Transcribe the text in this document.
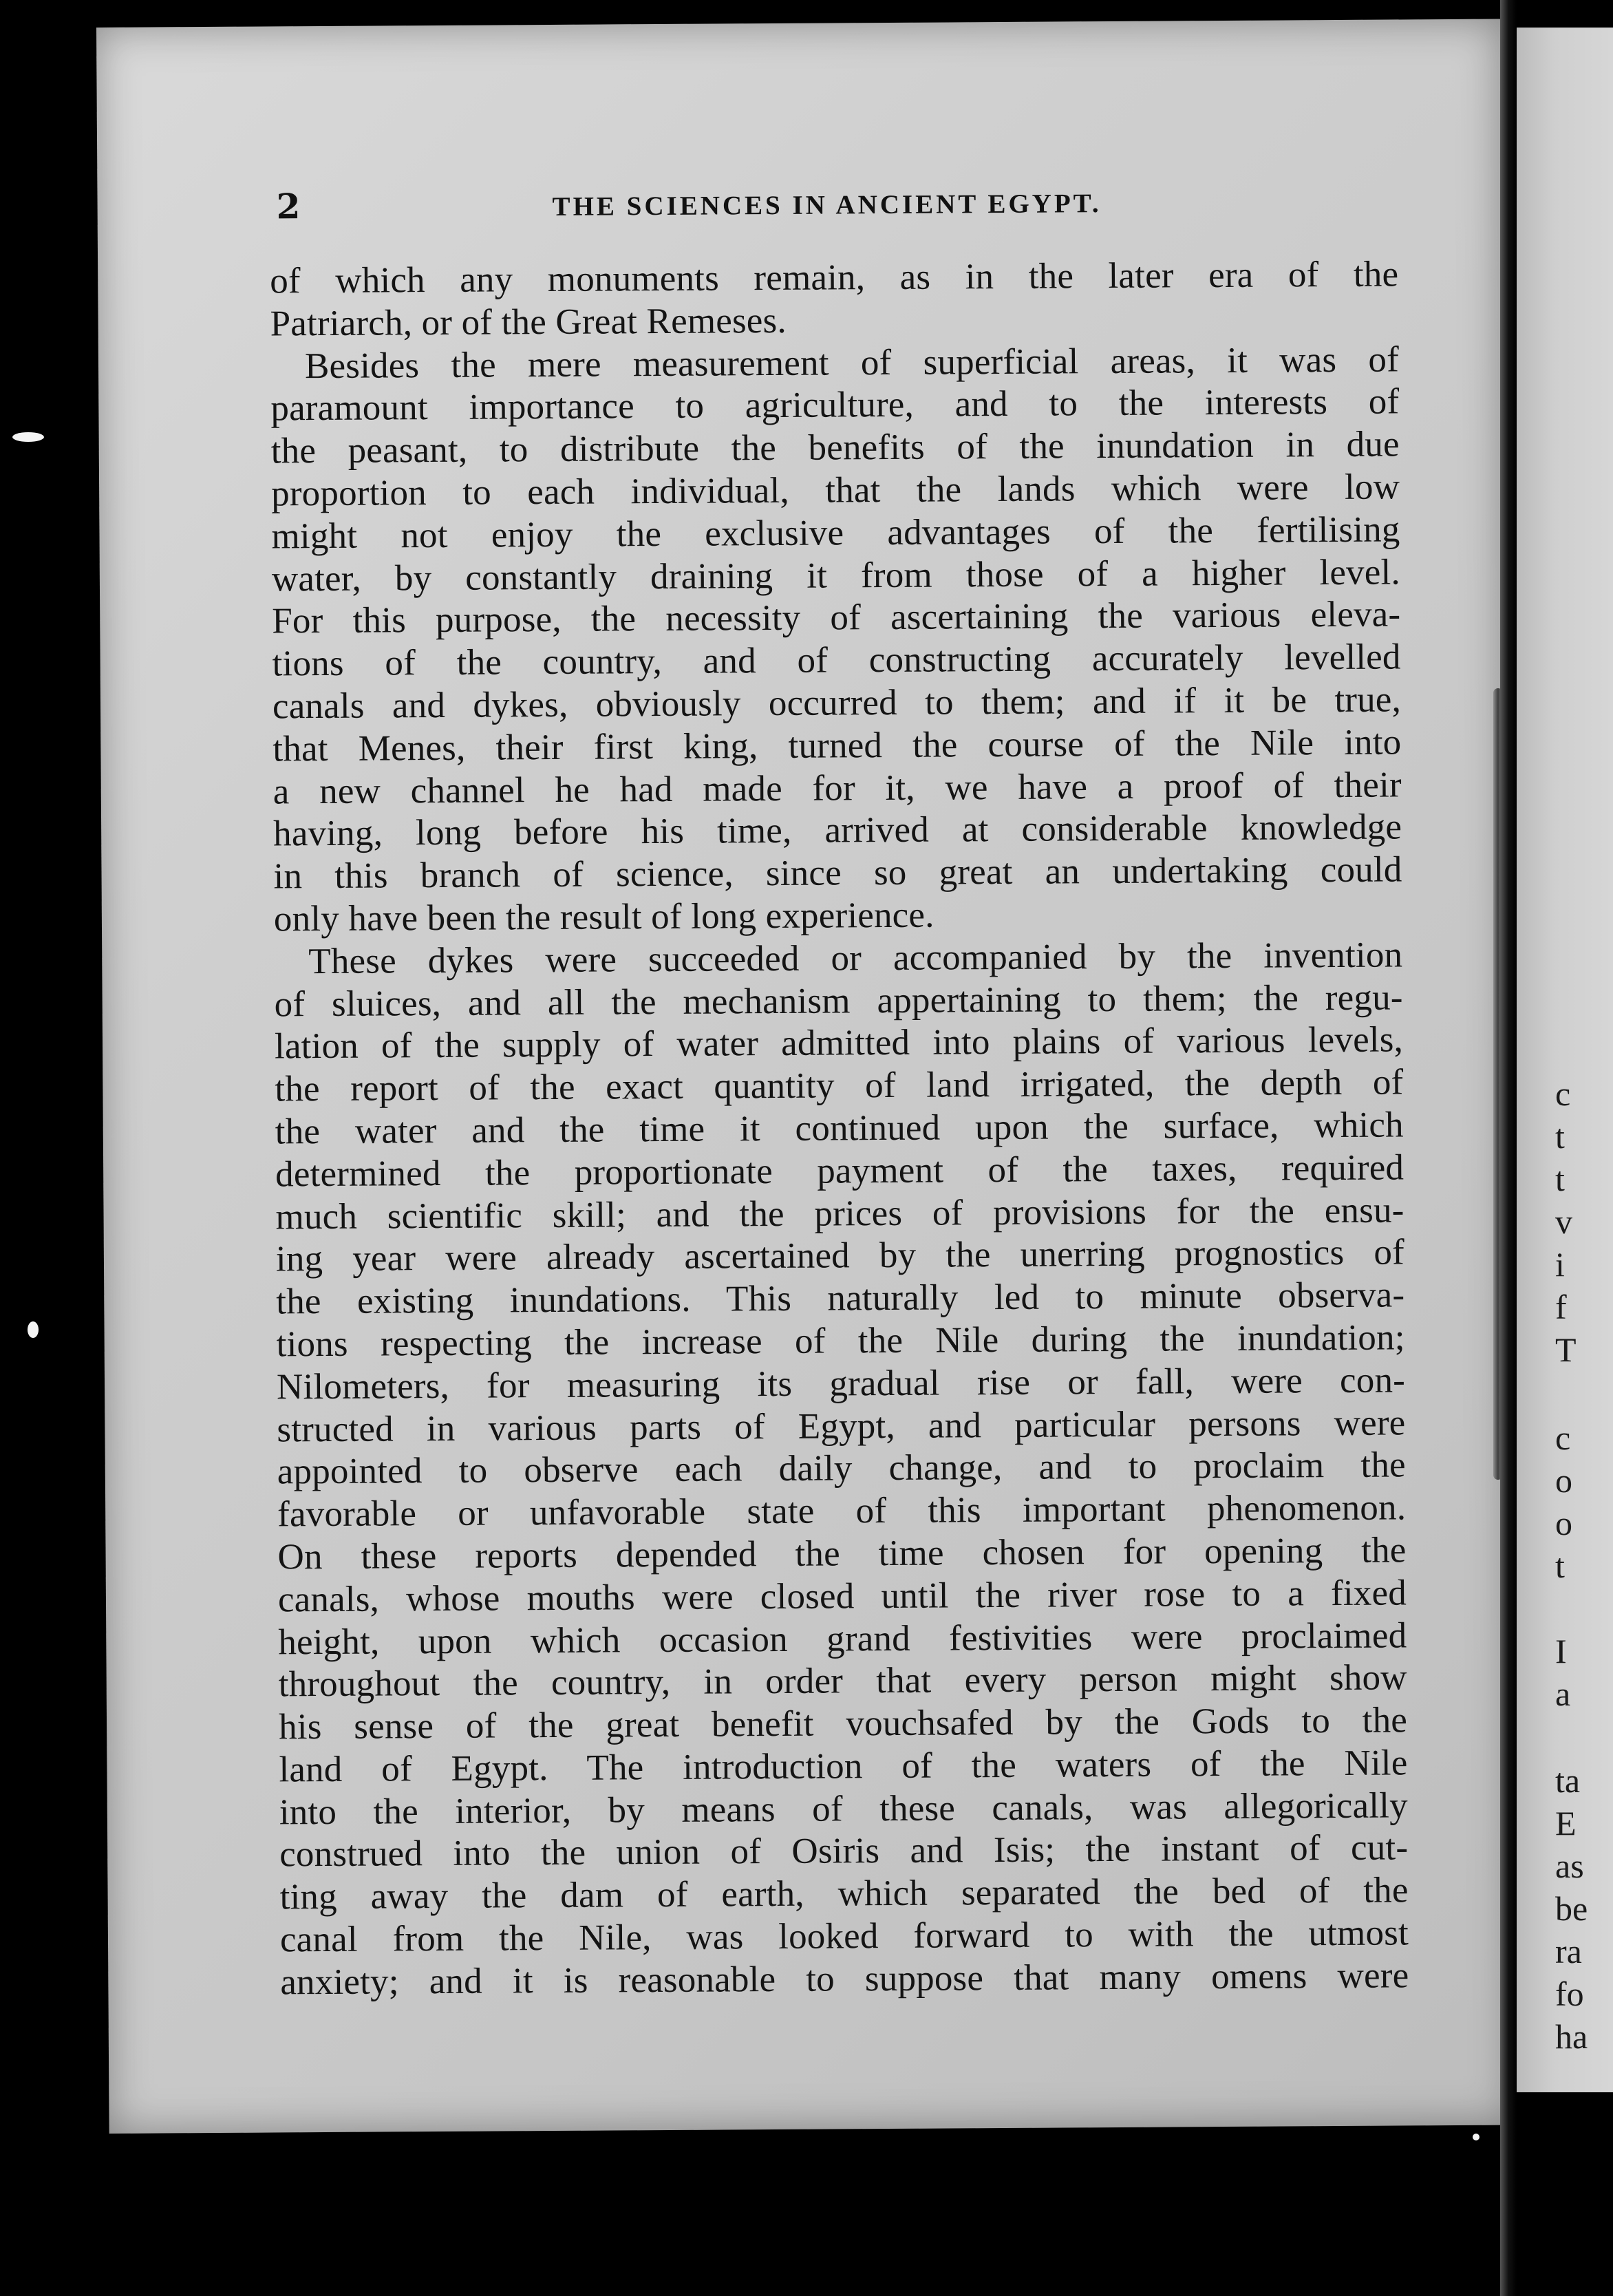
2	THE SCIENCES IN ANCIENT EGYPT.
of which any monuments remain, as in the later era of the
Patriarch, or of the Great Remeses.
Besides the mere measurement of superficial areas, it was of
paramount importance to agriculture, and to the interests of
the peasant, to distribute the benefits of the inundation in due
proportion to each individual, that the lands which were low
might not enjoy the exclusive advantages of the fertilising
water, by constantly draining it from those of a higher level.
For this purpose, the necessity of ascertaining the various eleva-
tions of the country, and of constructing accurately levelled
canals and dykes, obviously occurred to them; and if it be true,
that Menes, their first king, turned the course of the Nile into
a new channel he had made for it, we have a proof of their
having, long before his time, arrived at considerable knowledge
in this branch of science, since so great an undertaking could
only have been the result of long experience.
These dykes were succeeded or accompanied by the invention
of sluices, and all the mechanism appertaining to them; the regu-
lation of the supply of water admitted into plains of various levels,
the report of the exact quantity of land irrigated, the depth of
the water and the time it continued upon the surface, which
determined the proportionate payment of the taxes, required
much scientific skill; and the prices of provisions for the ensu-
ing year were already ascertained by the unerring prognostics of
the existing inundations. This naturally led to minute observa-
tions respecting the increase of the Nile during the inundation;
Nilometers, for measuring its gradual rise or fall, were con-
structed in various parts of Egypt, and particular persons were
appointed to observe each daily change, and to proclaim the
favorable or unfavorable state of this important phenomenon.
On these reports depended the time chosen for opening the
canals, whose mouths were closed until the river rose to a fixed
height, upon which occasion grand festivities were proclaimed
throughout the country, in order that every person might show
his sense of the great benefit vouchsafed by the Gods to the
land of Egypt. The introduction of the waters of the Nile
into the interior, by means of these canals, was allegorically
construed into the union of Osiris and Isis; the instant of cut-
ting away the dam of earth, which separated the bed of the
canal from the Nile, was looked forward to with the utmost
anxiety; and it is reasonable to suppose that many omens were
c
t
t
v
i
f
T
c
o
o
t
I
a
ta
E
as
be
ra
fo
ha
